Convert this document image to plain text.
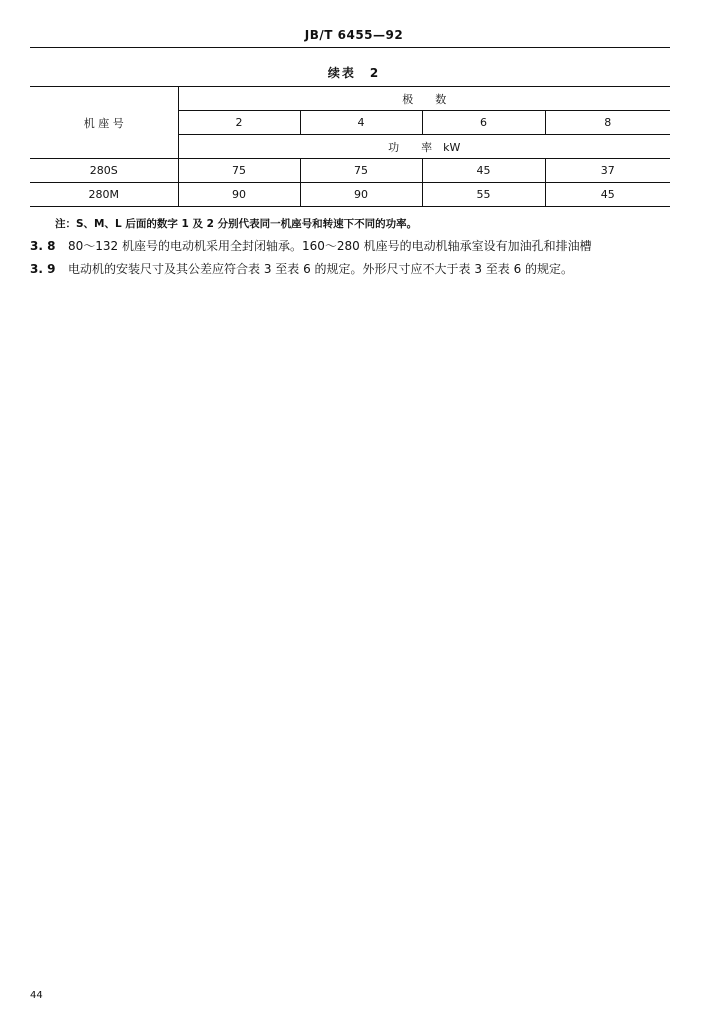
JB/T 6455—92
续表　2
机 座 号	极　　数			
	2	4	6	8
	功　　率　kW			
280S	75	75	45	37
280M	90	90	55	45
注：S、M、L 后面的数字 1 及 2 分别代表同一机座号和转速下不同的功率。
3. 8 80～132 机座号的电动机采用全封闭轴承。160～280 机座号的电动机轴承室设有加油孔和排油槽
3. 9 电动机的安装尺寸及其公差应符合表 3 至表 6 的规定。外形尺寸应不大于表 3 至表 6 的规定。
44
